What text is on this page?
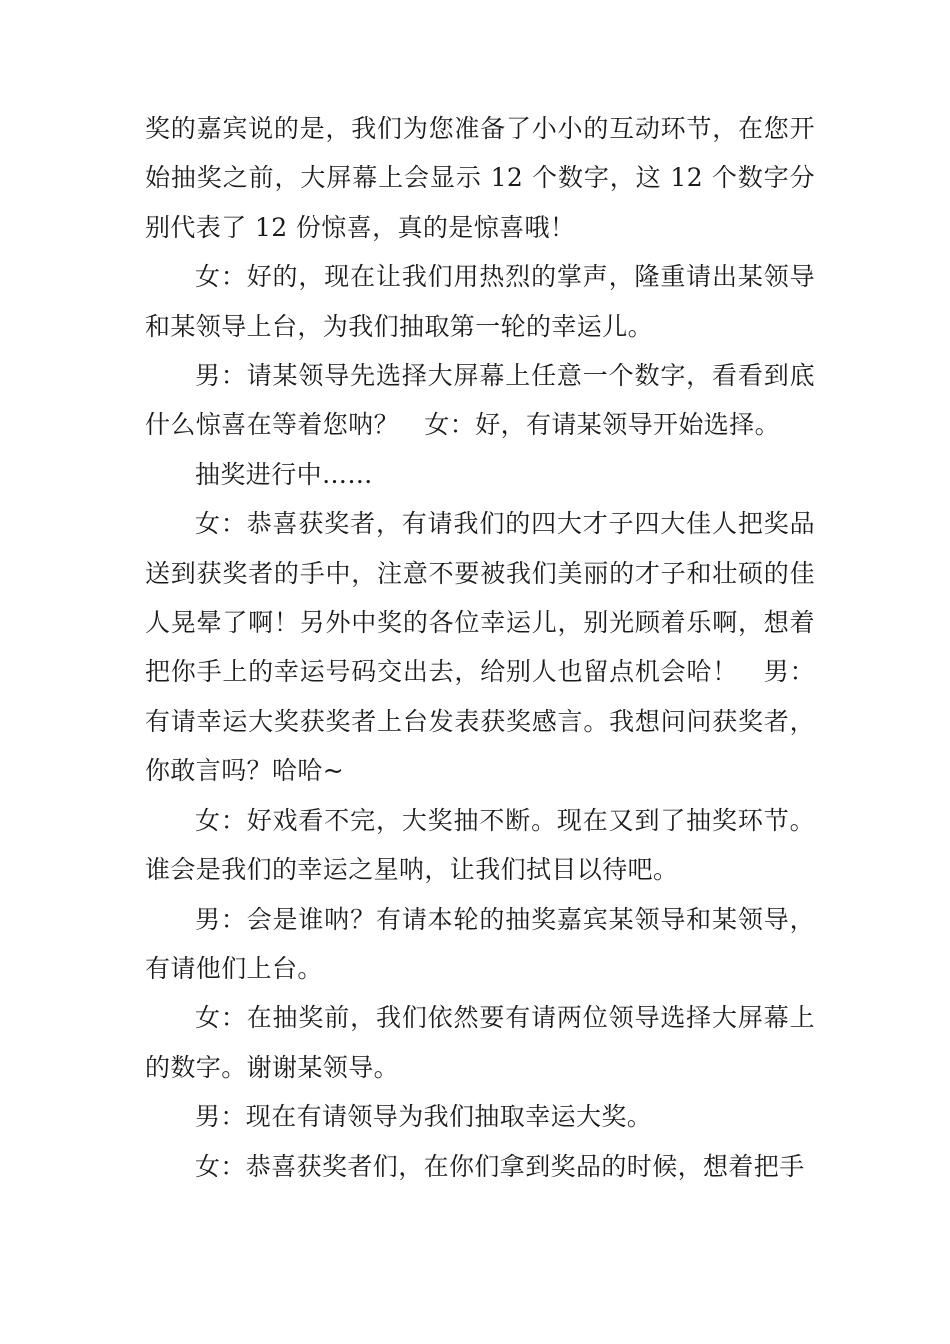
奖的嘉宾说的是，我们为您准备了小小的互动环节，在您开始抽奖之前，大屏幕上会显示 12 个数字，这 12 个数字分别代表了 12 份惊喜，真的是惊喜哦！

女：好的，现在让我们用热烈的掌声，隆重请出某领导和某领导上台，为我们抽取第一轮的幸运儿。

男：请某领导先选择大屏幕上任意一个数字，看看到底什么惊喜在等着您呐？　女：好，有请某领导开始选择。

抽奖进行中……

女：恭喜获奖者，有请我们的四大才子四大佳人把奖品送到获奖者的手中，注意不要被我们美丽的才子和壮硕的佳人晃晕了啊！另外中奖的各位幸运儿，别光顾着乐啊，想着把你手上的幸运号码交出去，给别人也留点机会哈！　男：有请幸运大奖获奖者上台发表获奖感言。我想问问获奖者，你敢言吗？哈哈~

女：好戏看不完，大奖抽不断。现在又到了抽奖环节。谁会是我们的幸运之星呐，让我们拭目以待吧。

男：会是谁呐？有请本轮的抽奖嘉宾某领导和某领导，有请他们上台。

女：在抽奖前，我们依然要有请两位领导选择大屏幕上的数字。谢谢某领导。

男：现在有请领导为我们抽取幸运大奖。

女：恭喜获奖者们，在你们拿到奖品的时候，想着把手
